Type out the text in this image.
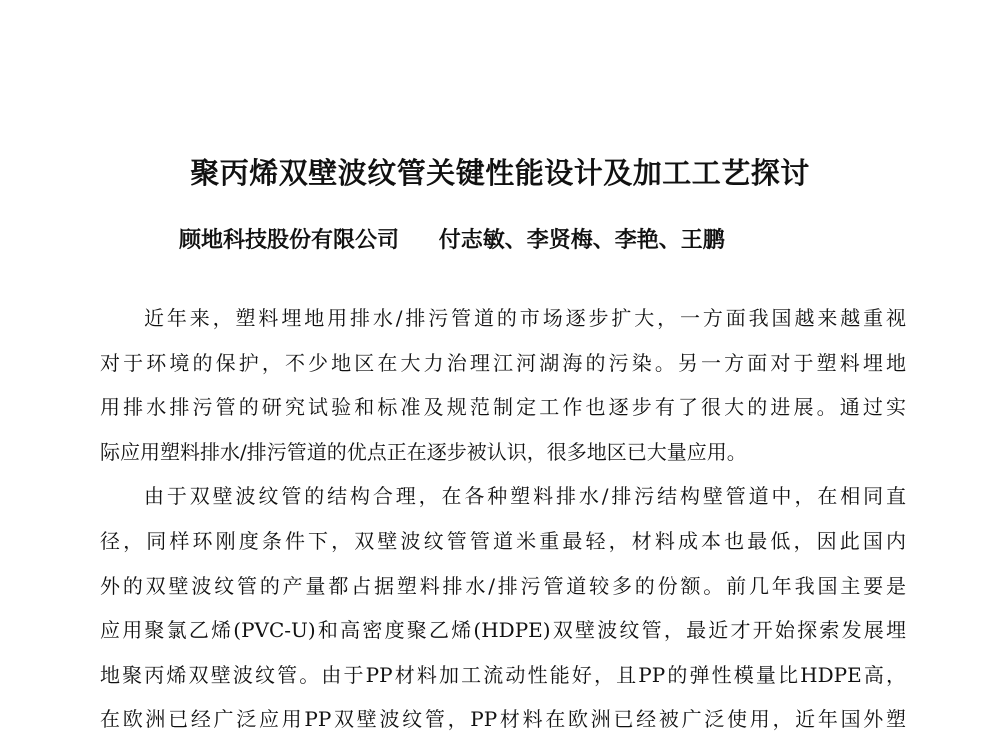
聚丙烯双壁波纹管关键性能设计及加工工艺探讨
顾地科技股份有限公司 付志敏、李贤梅、李艳、王鹏
近年来，塑料埋地用排水/排污管道的市场逐步扩大，一方面我国越来越重视
对于环境的保护，不少地区在大力治理江河湖海的污染。另一方面对于塑料埋地
用排水排污管的研究试验和标准及规范制定工作也逐步有了很大的进展。通过实
际应用塑料排水/排污管道的优点正在逐步被认识，很多地区已大量应用。
由于双壁波纹管的结构合理，在各种塑料排水/排污结构壁管道中，在相同直
径，同样环刚度条件下，双壁波纹管管道米重最轻，材料成本也最低，因此国内
外的双壁波纹管的产量都占据塑料排水/排污管道较多的份额。前几年我国主要是
应用聚氯乙烯(PVC-U)和高密度聚乙烯(HDPE)双壁波纹管，最近才开始探索发展埋
地聚丙烯双壁波纹管。由于PP材料加工流动性能好，且PP的弹性模量比HDPE高，
在欧洲已经广泛应用PP双壁波纹管，PP材料在欧洲已经被广泛使用，近年国外塑
